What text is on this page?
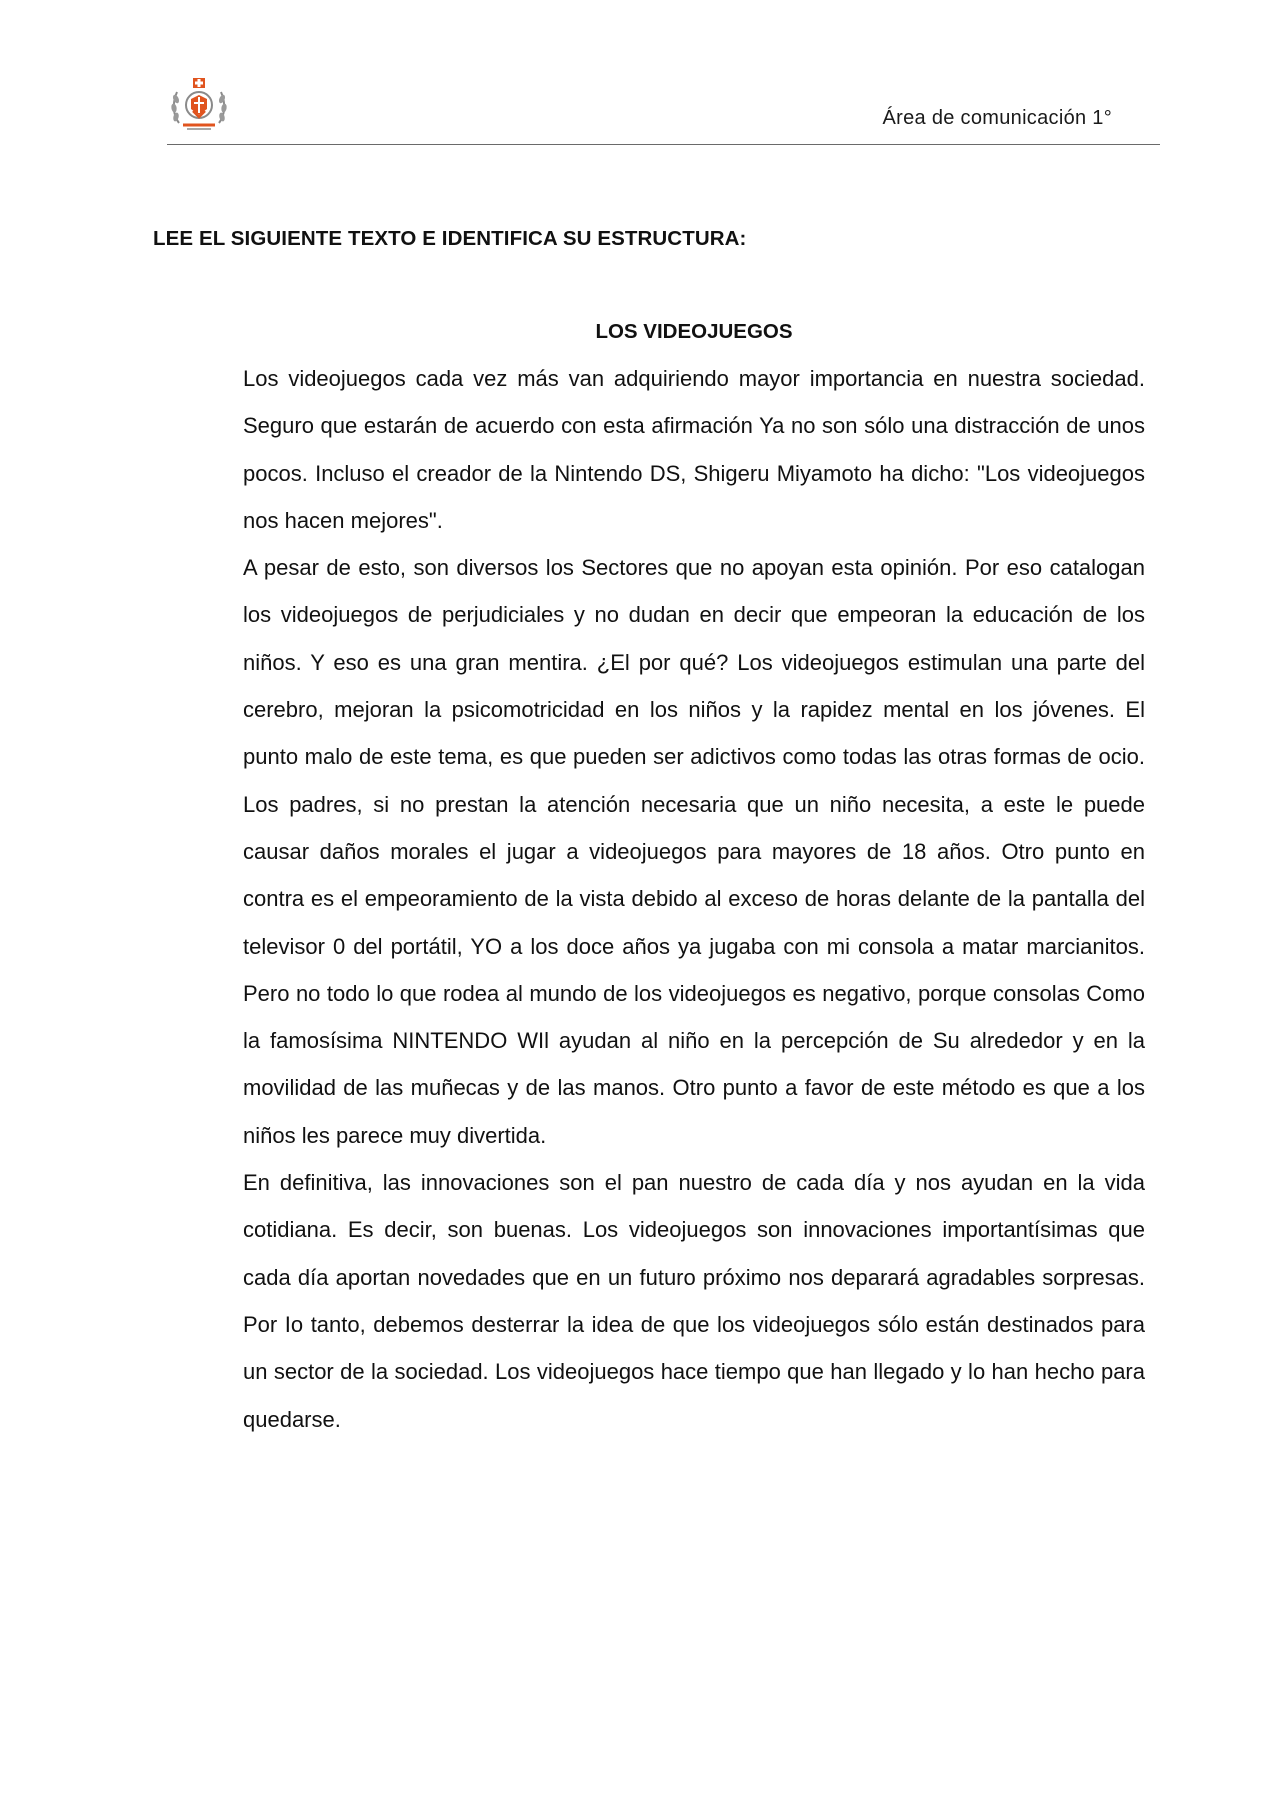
Área de comunicación 1°
LEE EL SIGUIENTE TEXTO E IDENTIFICA SU ESTRUCTURA:
LOS VIDEOJUEGOS

Los videojuegos cada vez más van adquiriendo mayor importancia en nuestra sociedad. Seguro que estarán de acuerdo con esta afirmación Ya no son sólo una distracción de unos pocos. Incluso el creador de la Nintendo DS, Shigeru Miyamoto ha dicho: "Los videojuegos nos hacen mejores".

A pesar de esto, son diversos los Sectores que no apoyan esta opinión. Por eso catalogan los videojuegos de perjudiciales y no dudan en decir que empeoran la educación de los niños. Y eso es una gran mentira. ¿El por qué? Los videojuegos estimulan una parte del cerebro, mejoran la psicomotricidad en los niños y la rapidez mental en los jóvenes. El punto malo de este tema, es que pueden ser adictivos como todas las otras formas de ocio. Los padres, si no prestan la atención necesaria que un niño necesita, a este le puede causar daños morales el jugar a videojuegos para mayores de 18 años. Otro punto en contra es el empeoramiento de la vista debido al exceso de horas delante de la pantalla del televisor 0 del portátil, YO a los doce años ya jugaba con mi consola a matar marcianitos. Pero no todo lo que rodea al mundo de los videojuegos es negativo, porque consolas Como la famosísima NINTENDO WIl ayudan al niño en la percepción de Su alrededor y en la movilidad de las muñecas y de las manos. Otro punto a favor de este método es que a los niños les parece muy divertida.

En definitiva, las innovaciones son el pan nuestro de cada día y nos ayudan en la vida cotidiana. Es decir, son buenas. Los videojuegos son innovaciones importantísimas que cada día aportan novedades que en un futuro próximo nos deparará agradables sorpresas. Por Io tanto, debemos desterrar la idea de que los videojuegos sólo están destinados para un sector de la sociedad. Los videojuegos hace tiempo que han llegado y lo han hecho para quedarse.
